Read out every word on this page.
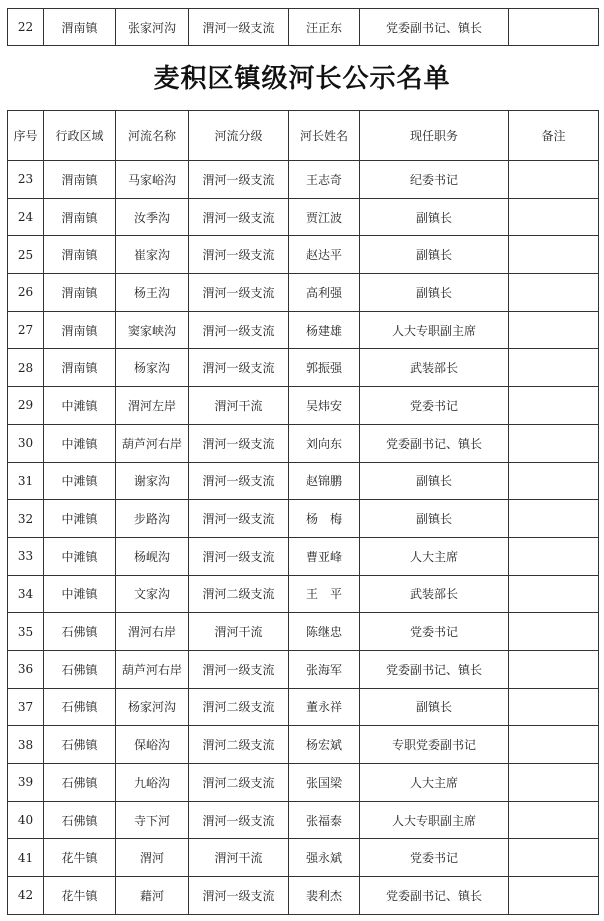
22	渭南镇	张家河沟	渭河一级支流	汪正东	党委副书记、镇长	
麦积区镇级河长公示名单
序号	行政区域	河流名称	河流分级	河长姓名	现任职务	备注
23	渭南镇	马家峪沟	渭河一级支流	王志奇	纪委书记	
24	渭南镇	汝季沟	渭河一级支流	贾江波	副镇长	
25	渭南镇	崔家沟	渭河一级支流	赵达平	副镇长	
26	渭南镇	杨王沟	渭河一级支流	高利强	副镇长	
27	渭南镇	窦家峡沟	渭河一级支流	杨建雄	人大专职副主席	
28	渭南镇	杨家沟	渭河一级支流	郭振强	武装部长	
29	中滩镇	渭河左岸	渭河干流	吴炜安	党委书记	
30	中滩镇	葫芦河右岸	渭河一级支流	刘向东	党委副书记、镇长	
31	中滩镇	谢家沟	渭河一级支流	赵锦鹏	副镇长	
32	中滩镇	步路沟	渭河一级支流	杨　梅	副镇长	
33	中滩镇	杨岘沟	渭河一级支流	曹亚峰	人大主席	
34	中滩镇	文家沟	渭河二级支流	王　平	武装部长	
35	石佛镇	渭河右岸	渭河干流	陈继忠	党委书记	
36	石佛镇	葫芦河右岸	渭河一级支流	张海军	党委副书记、镇长	
37	石佛镇	杨家河沟	渭河二级支流	董永祥	副镇长	
38	石佛镇	保峪沟	渭河二级支流	杨宏斌	专职党委副书记	
39	石佛镇	九峪沟	渭河二级支流	张国梁	人大主席	
40	石佛镇	寺下河	渭河一级支流	张福泰	人大专职副主席	
41	花牛镇	渭河	渭河干流	强永斌	党委书记	
42	花牛镇	藉河	渭河一级支流	裴利杰	党委副书记、镇长	
